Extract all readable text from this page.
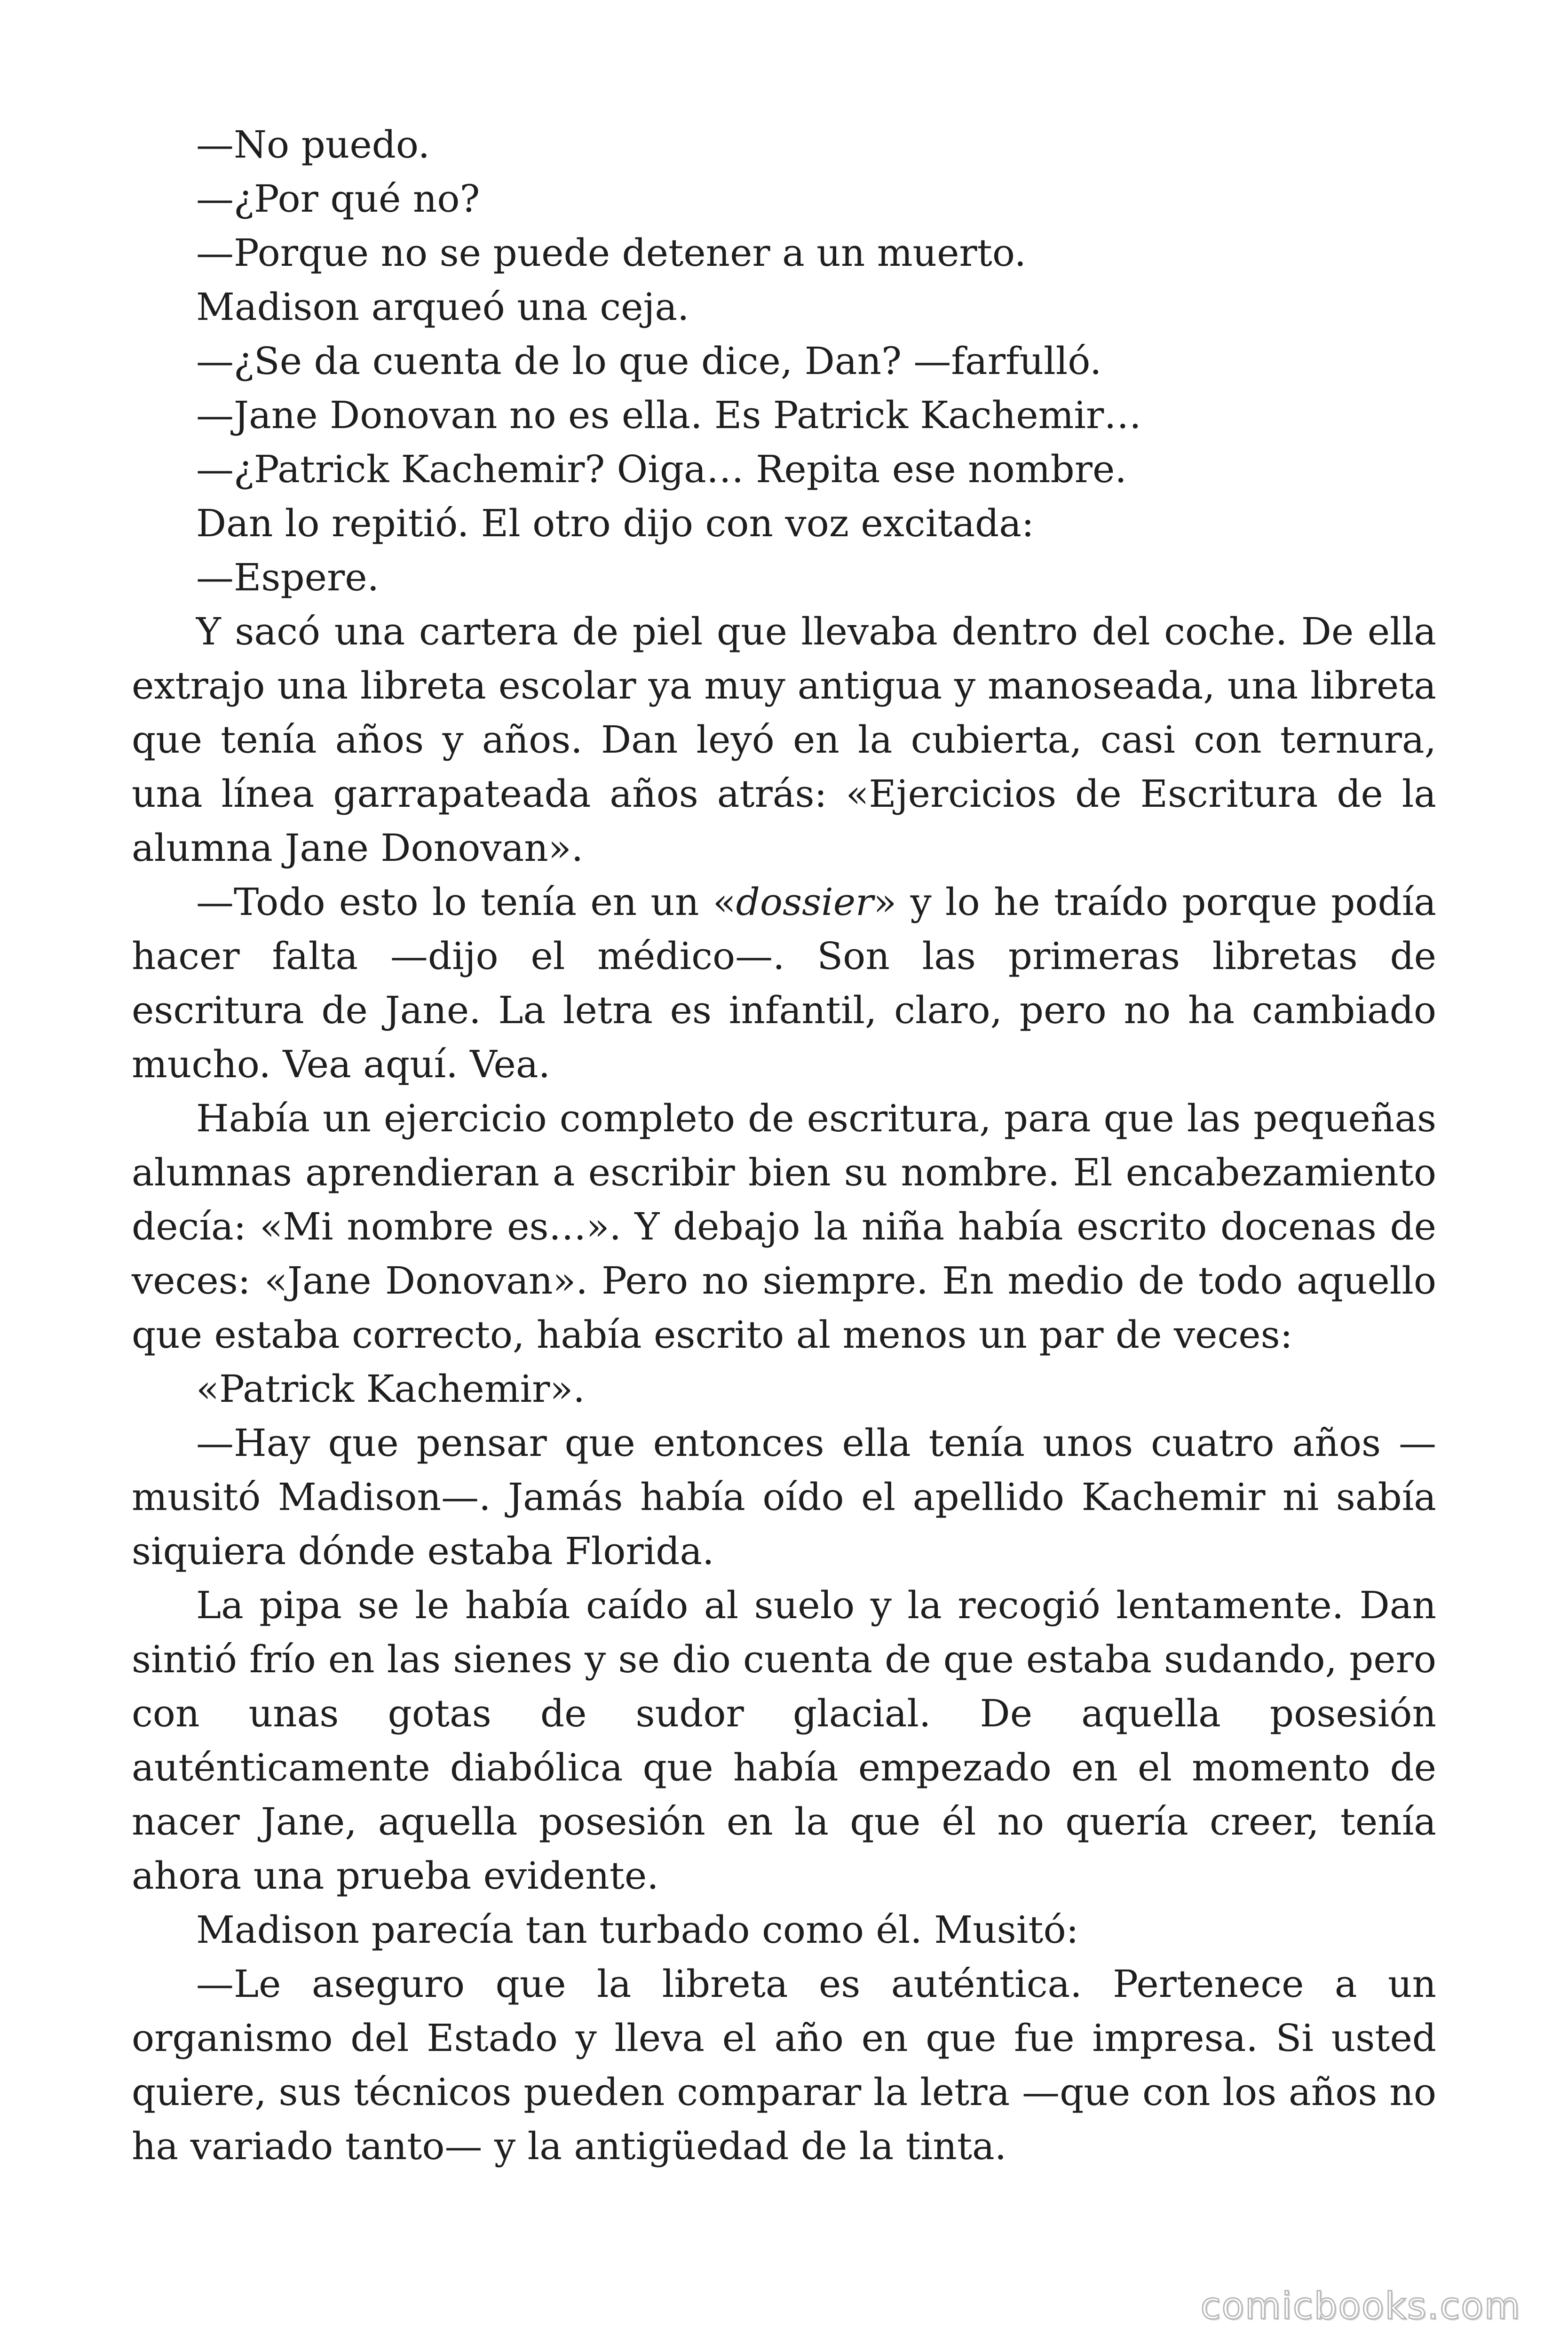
—No puedo.

—¿Por qué no?

—Porque no se puede detener a un muerto.

Madison arqueó una ceja.

—¿Se da cuenta de lo que dice, Dan? —farfulló.

—Jane Donovan no es ella. Es Patrick Kachemir…

—¿Patrick Kachemir? Oiga… Repita ese nombre.

Dan lo repitió. El otro dijo con voz excitada:

—Espere.

Y sacó una cartera de piel que llevaba dentro del coche. De ella extrajo una libreta escolar ya muy antigua y manoseada, una libreta que tenía años y años. Dan leyó en la cubierta, casi con ternura, una línea garrapateada años atrás: «Ejercicios de Escritura de la alumna Jane Donovan».

—Todo esto lo tenía en un «dossier» y lo he traído porque podía hacer falta —dijo el médico—. Son las primeras libretas de escritura de Jane. La letra es infantil, claro, pero no ha cambiado mucho. Vea aquí. Vea.

Había un ejercicio completo de escritura, para que las pequeñas alumnas aprendieran a escribir bien su nombre. El encabezamiento decía: «Mi nombre es…». Y debajo la niña había escrito docenas de veces: «Jane Donovan». Pero no siempre. En medio de todo aquello que estaba correcto, había escrito al menos un par de veces:

«Patrick Kachemir».

—Hay que pensar que entonces ella tenía unos cuatro años —musitó Madison—. Jamás había oído el apellido Kachemir ni sabía siquiera dónde estaba Florida.

La pipa se le había caído al suelo y la recogió lentamente. Dan sintió frío en las sienes y se dio cuenta de que estaba sudando, pero con unas gotas de sudor glacial. De aquella posesión auténticamente diabólica que había empezado en el momento de nacer Jane, aquella posesión en la que él no quería creer, tenía ahora una prueba evidente.

Madison parecía tan turbado como él. Musitó:

—Le aseguro que la libreta es auténtica. Pertenece a un organismo del Estado y lleva el año en que fue impresa. Si usted quiere, sus técnicos pueden comparar la letra —que con los años no ha variado tanto— y la antigüedad de la tinta.

comicbooks.com
